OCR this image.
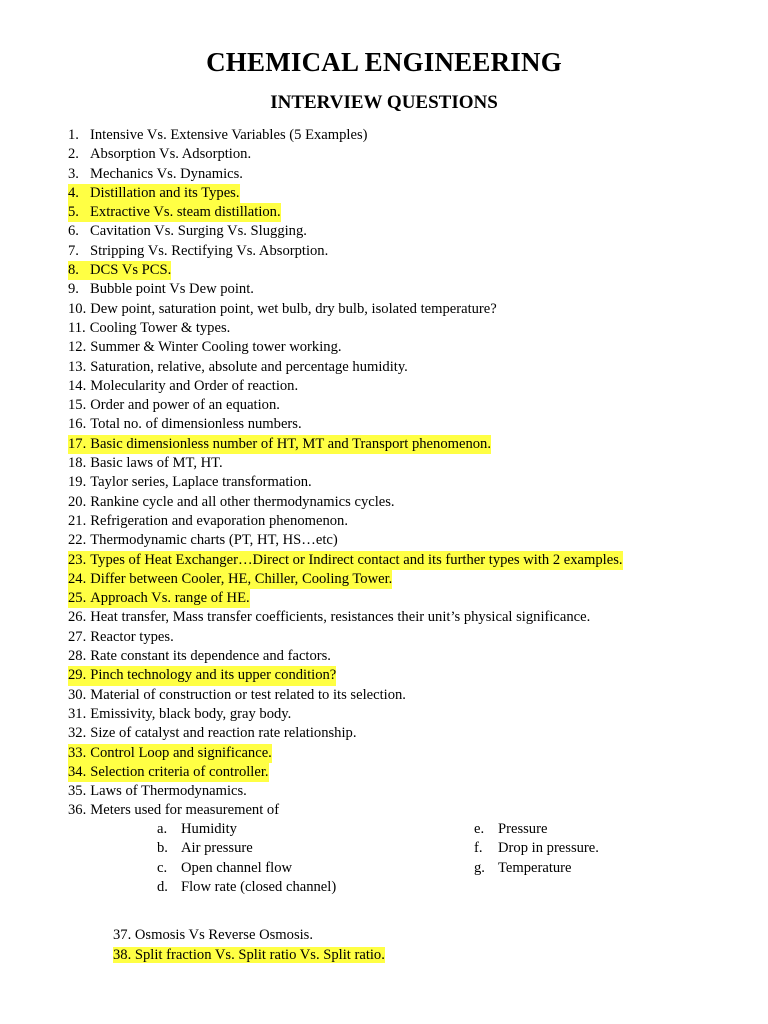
CHEMICAL ENGINEERING
INTERVIEW QUESTIONS
1. Intensive Vs. Extensive Variables (5 Examples)
2. Absorption Vs. Adsorption.
3. Mechanics Vs. Dynamics.
4. Distillation and its Types.
5. Extractive Vs. steam distillation.
6. Cavitation Vs. Surging Vs. Slugging.
7. Stripping Vs. Rectifying Vs. Absorption.
8. DCS Vs PCS.
9. Bubble point Vs Dew point.
10. Dew point, saturation point, wet bulb, dry bulb, isolated temperature?
11. Cooling Tower & types.
12. Summer & Winter Cooling tower working.
13. Saturation, relative, absolute and percentage humidity.
14. Molecularity and Order of reaction.
15. Order and power of an equation.
16. Total no. of dimensionless numbers.
17. Basic dimensionless number of HT, MT and Transport phenomenon.
18. Basic laws of MT, HT.
19. Taylor series, Laplace transformation.
20. Rankine cycle and all other thermodynamics cycles.
21. Refrigeration and evaporation phenomenon.
22. Thermodynamic charts (PT, HT, HS…etc)
23. Types of Heat Exchanger…Direct or Indirect contact and its further types with 2 examples.
24. Differ between Cooler, HE, Chiller, Cooling Tower.
25. Approach Vs. range of HE.
26. Heat transfer, Mass transfer coefficients, resistances their unit’s physical significance.
27. Reactor types.
28. Rate constant its dependence and factors.
29. Pinch technology and its upper condition?
30. Material of construction or test related to its selection.
31. Emissivity, black body, gray body.
32. Size of catalyst and reaction rate relationship.
33. Control Loop and significance.
34. Selection criteria of controller.
35. Laws of Thermodynamics.
36. Meters used for measurement of
a. Humidity
b. Air pressure
c. Open channel flow
d. Flow rate (closed channel)
e. Pressure
f. Drop in pressure.
g. Temperature
37. Osmosis Vs Reverse Osmosis.
38. Split fraction Vs. Split ratio Vs. Split ratio.
